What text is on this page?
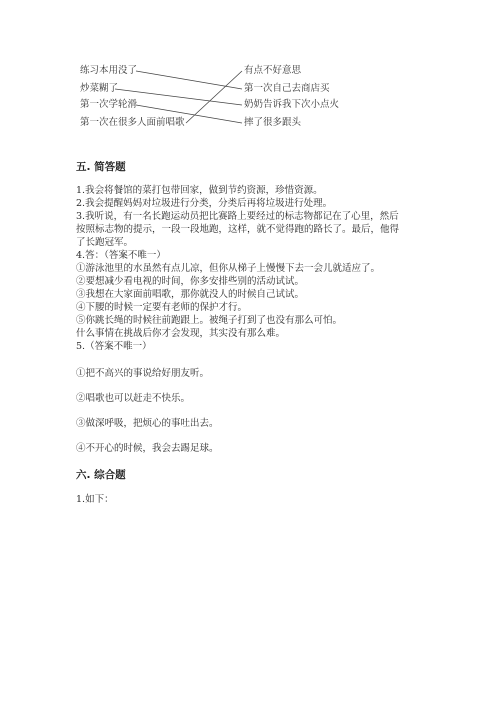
练习本用没了
炒菜糊了
第一次学轮滑
第一次在很多人面前唱歌
有点不好意思
第一次自己去商店买
奶奶告诉我下次小点火
摔了很多跟头
五. 简答题
1.我会将餐馆的菜打包带回家，做到节约资源，珍惜资源。
2.我会提醒妈妈对垃圾进行分类，分类后再将垃圾进行处理。
3.我听说，有一名长跑运动员把比赛路上要经过的标志物都记在了心里，然后
按照标志物的提示，一段一段地跑，这样，就不觉得跑的路长了。最后，他得
了长跑冠军。
4.答：（答案不唯一）
①游泳池里的水虽然有点儿凉，但你从梯子上慢慢下去一会儿就适应了。
②要想减少看电视的时间，你多安排些别的活动试试。
③我想在大家面前唱歌，那你就没人的时候自己试试。
④下腰的时候一定要有老师的保护才行。
⑤你跳长绳的时候往前跑跟上。被绳子打到了也没有那么可怕。
什么事情在挑战后你才会发现，其实没有那么难。
5.（答案不唯一）
①把不高兴的事说给好朋友听。
②唱歌也可以赶走不快乐。
③做深呼吸，把烦心的事吐出去。
④不开心的时候，我会去踢足球。
六. 综合题
1.如下：
